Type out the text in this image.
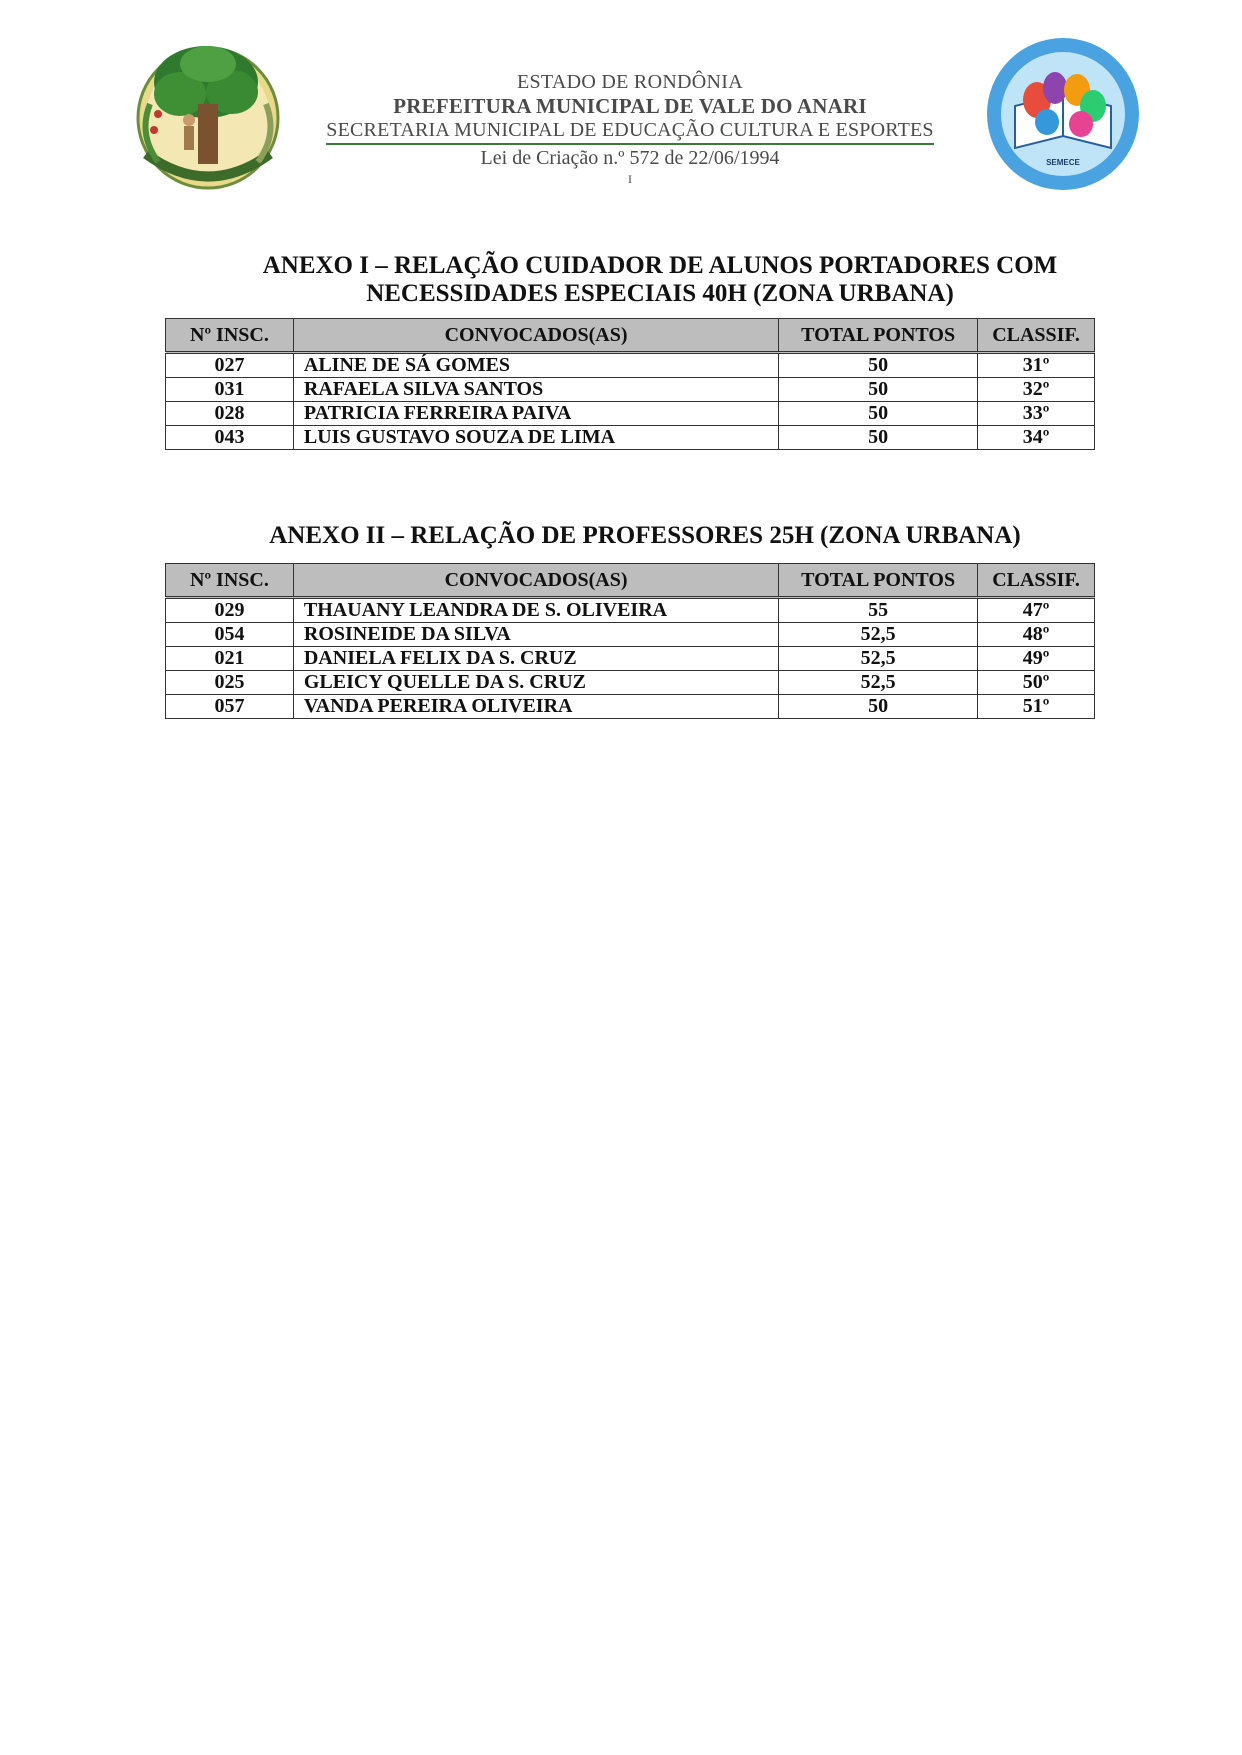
ESTADO DE RONDÔNIA
PREFEITURA MUNICIPAL DE VALE DO ANARI
SECRETARIA MUNICIPAL DE EDUCAÇÃO CULTURA E ESPORTES
Lei de Criação n.º 572 de 22/06/1994
I
SEMECE
ANEXO I – RELAÇÃO CUIDADOR DE ALUNOS PORTADORES COM
NECESSIDADES ESPECIAIS 40H (ZONA URBANA)
Nº INSC.	CONVOCADOS(AS)	TOTAL PONTOS	CLASSIF.
027	ALINE DE SÁ GOMES	50	31º
031	RAFAELA SILVA SANTOS	50	32º
028	PATRICIA FERREIRA PAIVA	50	33º
043	LUIS GUSTAVO SOUZA DE LIMA	50	34º
ANEXO II – RELAÇÃO DE PROFESSORES 25H (ZONA URBANA)
Nº INSC.	CONVOCADOS(AS)	TOTAL PONTOS	CLASSIF.
029	THAUANY LEANDRA DE S. OLIVEIRA	55	47º
054	ROSINEIDE DA SILVA	52,5	48º
021	DANIELA FELIX DA S. CRUZ	52,5	49º
025	GLEICY QUELLE DA S. CRUZ	52,5	50º
057	VANDA PEREIRA OLIVEIRA	50	51º
